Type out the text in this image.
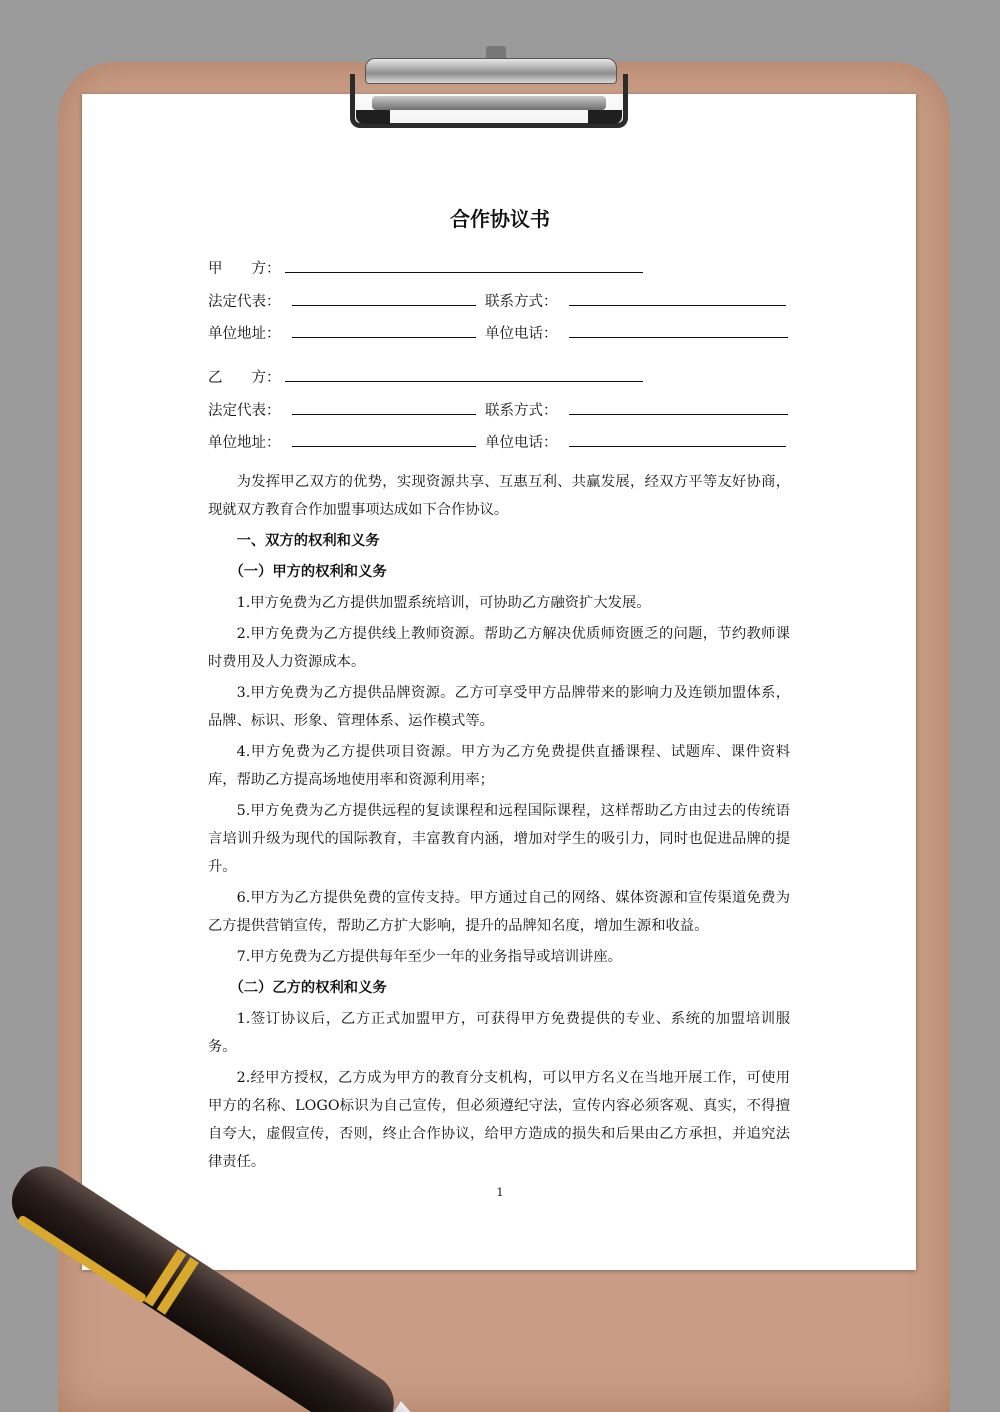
合作协议书
甲　　方：
法定代表：	联系方式：
单位地址：	单位电话：
乙　　方：
法定代表：	联系方式：
单位地址：	单位电话：

为发挥甲乙双方的优势，实现资源共享、互惠互利、共赢发展，经双方平等友好协商，现就双方教育合作加盟事项达成如下合作协议。

一、双方的权利和义务

（一）甲方的权利和义务

1.甲方免费为乙方提供加盟系统培训，可协助乙方融资扩大发展。

2.甲方免费为乙方提供线上教师资源。帮助乙方解决优质师资匮乏的问题，节约教师课时费用及人力资源成本。

3.甲方免费为乙方提供品牌资源。乙方可享受甲方品牌带来的影响力及连锁加盟体系，品牌、标识、形象、管理体系、运作模式等。

4.甲方免费为乙方提供项目资源。甲方为乙方免费提供直播课程、试题库、课件资料库，帮助乙方提高场地使用率和资源利用率；

5.甲方免费为乙方提供远程的复读课程和远程国际课程，这样帮助乙方由过去的传统语言培训升级为现代的国际教育，丰富教育内涵，增加对学生的吸引力，同时也促进品牌的提升。

6.甲方为乙方提供免费的宣传支持。甲方通过自己的网络、媒体资源和宣传渠道免费为乙方提供营销宣传，帮助乙方扩大影响，提升的品牌知名度，增加生源和收益。

7.甲方免费为乙方提供每年至少一年的业务指导或培训讲座。

（二）乙方的权利和义务

1.签订协议后，乙方正式加盟甲方，可获得甲方免费提供的专业、系统的加盟培训服务。

2.经甲方授权，乙方成为甲方的教育分支机构，可以甲方名义在当地开展工作，可使用甲方的名称、LOGO标识为自己宣传，但必须遵纪守法，宣传内容必须客观、真实，不得擅自夸大，虚假宣传，否则，终止合作协议，给甲方造成的损失和后果由乙方承担，并追究法律责任。

1
